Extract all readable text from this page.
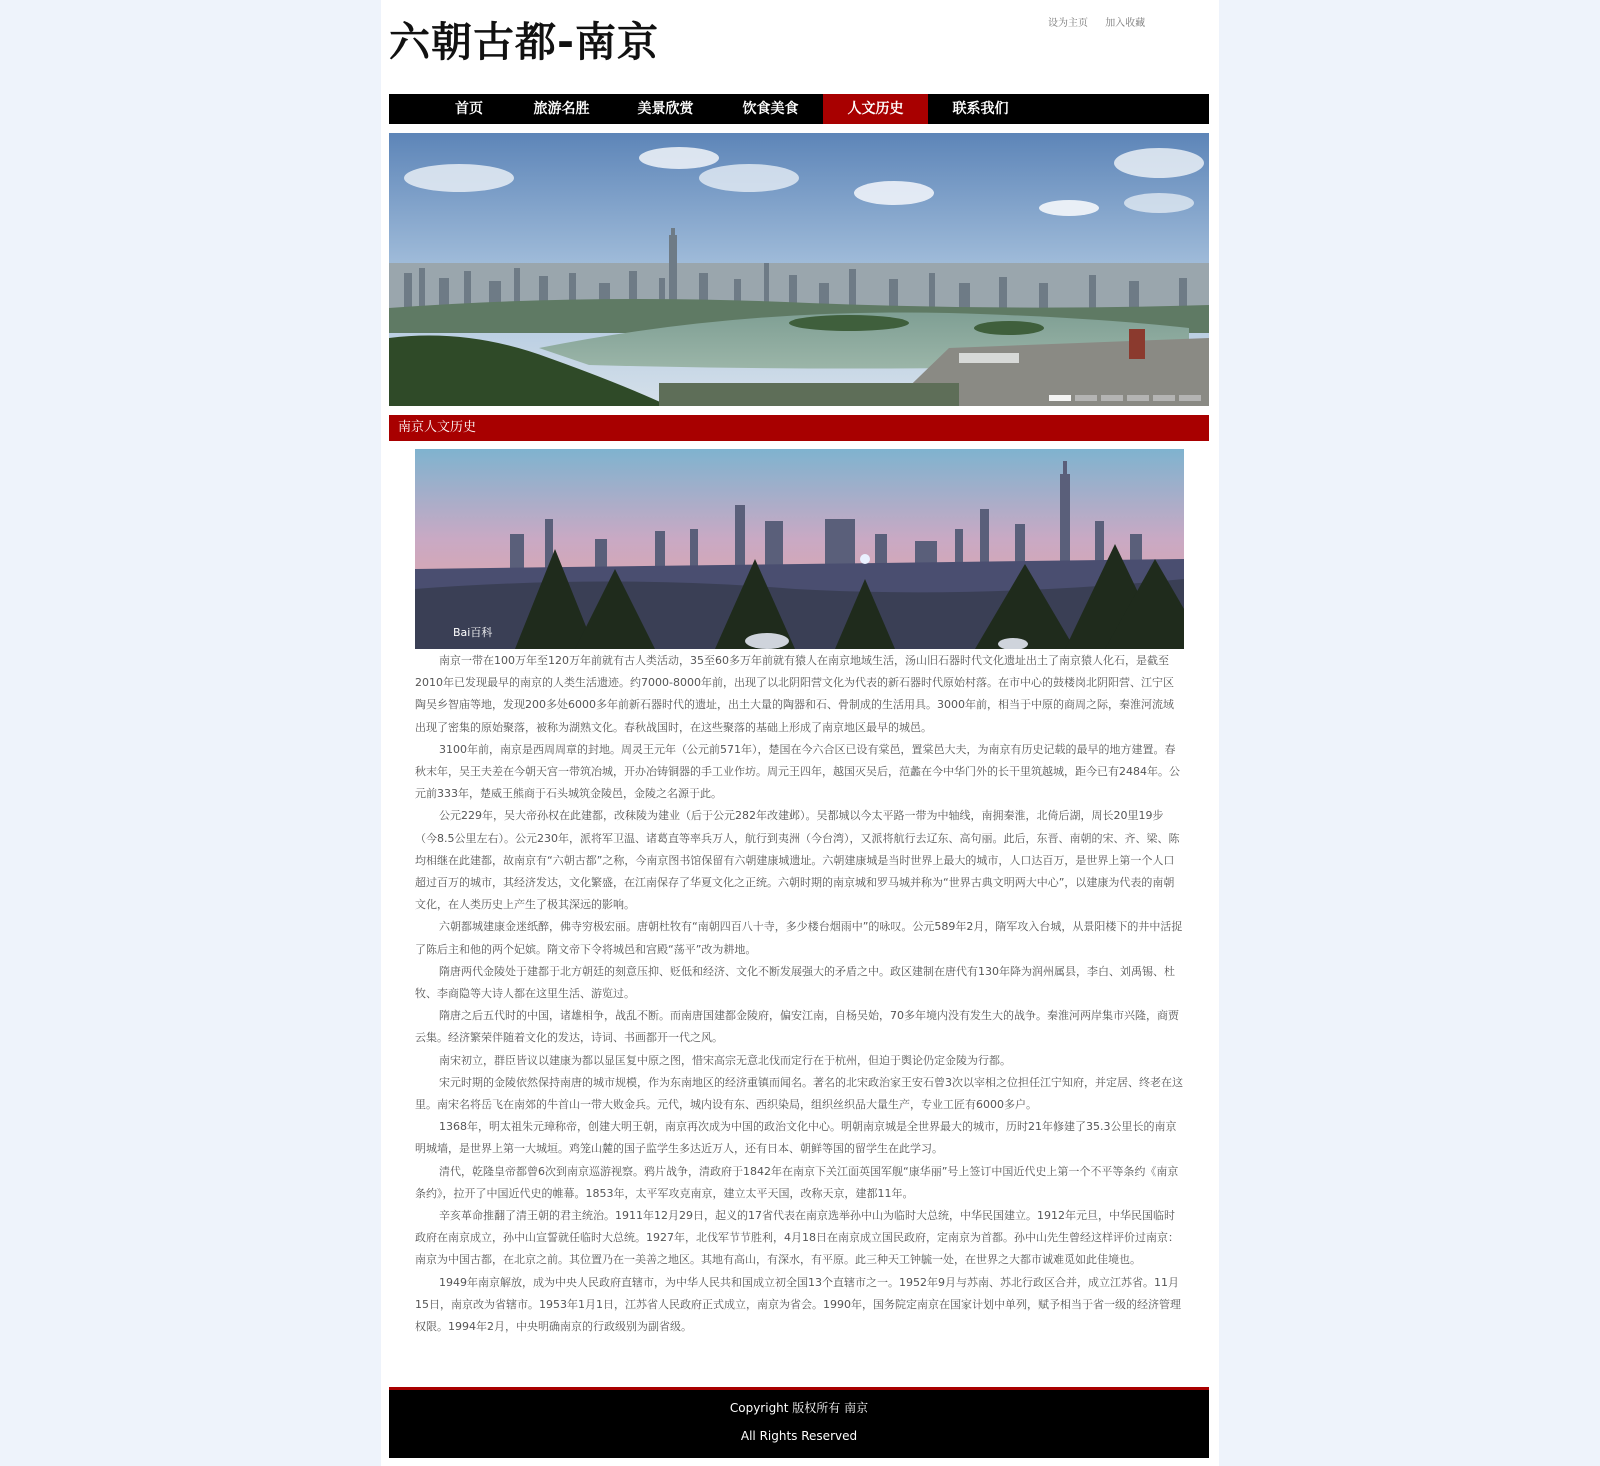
六朝古都-南京	设为主页 加入收藏
首页	旅游名胜	美景欣赏	饮食美食	人文历史	联系我们
南京人文历史
Bai百科

南京一带在100万年至120万年前就有古人类活动，35至60多万年前就有猿人在南京地域生活，汤山旧石器时代文化遗址出土了南京猿人化石，是截至2010年已发现最早的南京的人类生活遗迹。约7000-8000年前，出现了以北阴阳营文化为代表的新石器时代原始村落。在市中心的鼓楼岗北阴阳营、江宁区陶吴乡智庙等地，发现200多处6000多年前新石器时代的遗址，出土大量的陶器和石、骨制成的生活用具。3000年前，相当于中原的商周之际，秦淮河流域出现了密集的原始聚落，被称为湖熟文化。春秋战国时，在这些聚落的基础上形成了南京地区最早的城邑。

3100年前，南京是西周周章的封地。周灵王元年（公元前571年），楚国在今六合区已设有棠邑，置棠邑大夫，为南京有历史记载的最早的地方建置。春秋末年，吴王夫差在今朝天宫一带筑冶城，开办冶铸铜器的手工业作坊。周元王四年，越国灭吴后，范蠡在今中华门外的长干里筑越城，距今已有2484年。公元前333年，楚威王熊商于石头城筑金陵邑，金陵之名源于此。

公元229年，吴大帝孙权在此建都，改秣陵为建业（后于公元282年改建邺）。吴都城以今太平路一带为中轴线，南拥秦淮，北倚后湖，周长20里19步（今8.5公里左右）。公元230年，派将军卫温、诸葛直等率兵万人，航行到夷洲（今台湾），又派将航行去辽东、高句丽。此后，东晋、南朝的宋、齐、梁、陈均相继在此建都，故南京有“六朝古都”之称，今南京图书馆保留有六朝建康城遗址。六朝建康城是当时世界上最大的城市，人口达百万，是世界上第一个人口超过百万的城市，其经济发达，文化繁盛，在江南保存了华夏文化之正统。六朝时期的南京城和罗马城并称为“世界古典文明两大中心”，以建康为代表的南朝文化，在人类历史上产生了极其深远的影响。

六朝都城建康金迷纸醉，佛寺穷极宏丽。唐朝杜牧有“南朝四百八十寺，多少楼台烟雨中”的咏叹。公元589年2月，隋军攻入台城，从景阳楼下的井中活捉了陈后主和他的两个妃嫔。隋文帝下令将城邑和宫殿“荡平”改为耕地。

隋唐两代金陵处于建都于北方朝廷的刻意压抑、贬低和经济、文化不断发展强大的矛盾之中。政区建制在唐代有130年降为润州属县，李白、刘禹锡、杜牧、李商隐等大诗人都在这里生活、游览过。

隋唐之后五代时的中国，诸雄相争，战乱不断。而南唐国建都金陵府，偏安江南，自杨吴始，70多年境内没有发生大的战争。秦淮河两岸集市兴隆，商贾云集。经济繁荣伴随着文化的发达，诗词、书画都开一代之风。

南宋初立，群臣皆议以建康为都以显匡复中原之图，惜宋高宗无意北伐而定行在于杭州，但迫于舆论仍定金陵为行都。

宋元时期的金陵依然保持南唐的城市规模，作为东南地区的经济重镇而闻名。著名的北宋政治家王安石曾3次以宰相之位担任江宁知府，并定居、终老在这里。南宋名将岳飞在南郊的牛首山一带大败金兵。元代，城内设有东、西织染局，组织丝织品大量生产，专业工匠有6000多户。

1368年，明太祖朱元璋称帝，创建大明王朝，南京再次成为中国的政治文化中心。明朝南京城是全世界最大的城市，历时21年修建了35.3公里长的南京明城墙，是世界上第一大城垣。鸡笼山麓的国子监学生多达近万人，还有日本、朝鲜等国的留学生在此学习。

清代，乾隆皇帝都曾6次到南京巡游视察。鸦片战争，清政府于1842年在南京下关江面英国军舰“康华丽”号上签订中国近代史上第一个不平等条约《南京条约》，拉开了中国近代史的帷幕。1853年，太平军攻克南京，建立太平天国，改称天京，建都11年。

辛亥革命推翻了清王朝的君主统治。1911年12月29日，起义的17省代表在南京选举孙中山为临时大总统，中华民国建立。1912年元旦，中华民国临时政府在南京成立，孙中山宣誓就任临时大总统。1927年，北伐军节节胜利，4月18日在南京成立国民政府，定南京为首都。孙中山先生曾经这样评价过南京：南京为中国古都，在北京之前。其位置乃在一美善之地区。其地有高山，有深水，有平原。此三种天工钟毓一处，在世界之大都市诚难觅如此佳境也。

1949年南京解放，成为中央人民政府直辖市，为中华人民共和国成立初全国13个直辖市之一。1952年9月与苏南、苏北行政区合并，成立江苏省。11月15日，南京改为省辖市。1953年1月1日，江苏省人民政府正式成立，南京为省会。1990年，国务院定南京在国家计划中单列，赋予相当于省一级的经济管理权限。1994年2月，中央明确南京的行政级别为副省级。

Copyright 版权所有 南京
All Rights Reserved
